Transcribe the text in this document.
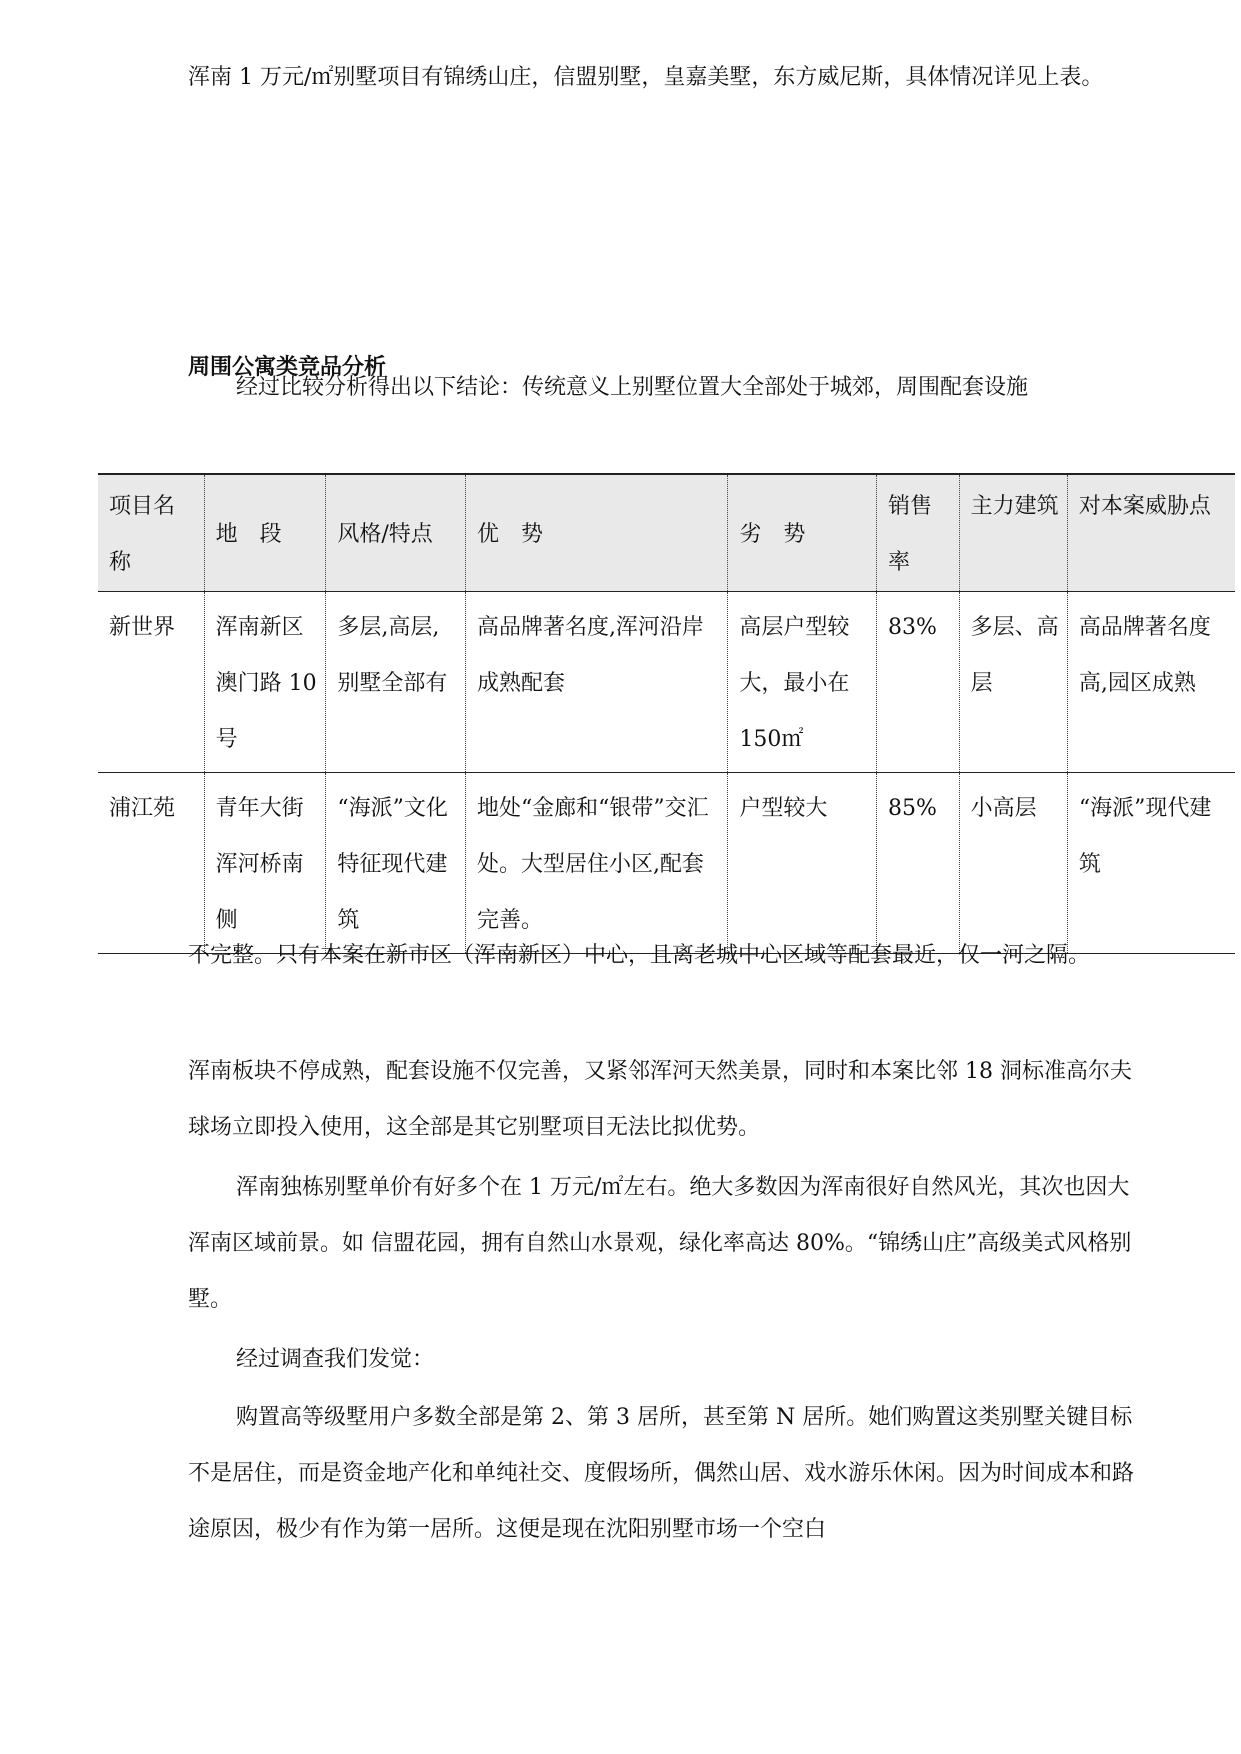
浑南 1 万元/㎡别墅项目有锦绣山庄，信盟别墅，皇嘉美墅，东方威尼斯，具体情况详见上表。

周围公寓类竞品分析

经过比较分析得出以下结论：传统意义上别墅位置大全部处于城郊，周围配套设施

项目名称	地　段	风格/特点	优　势	劣　势	销售率	主力建筑	对本案威胁点
新世界	浑南新区澳门路 10 号	多层,高层,别墅全部有	高品牌著名度,浑河沿岸成熟配套	高层户型较大，最小在 150㎡	83%	多层、高层	高品牌著名度高,园区成熟
浦江苑	青年大街浑河桥南侧	“海派”文化特征现代建筑	地处“金廊和“银带”交汇处。大型居住小区,配套完善。	户型较大	85%	小高层	“海派”现代建筑

不完整。只有本案在新市区（浑南新区）中心，且离老城中心区域等配套最近，仅一河之隔。

浑南板块不停成熟，配套设施不仅完善，又紧邻浑河天然美景，同时和本案比邻 18 洞标准高尔夫球场立即投入使用，这全部是其它别墅项目无法比拟优势。

浑南独栋别墅单价有好多个在 1 万元/㎡左右。绝大多数因为浑南很好自然风光，其次也因大浑南区域前景。如 信盟花园，拥有自然山水景观，绿化率高达 80%。“锦绣山庄”高级美式风格别墅。

经过调查我们发觉：

购置高等级墅用户多数全部是第 2、第 3 居所，甚至第 N 居所。她们购置这类别墅关键目标不是居住，而是资金地产化和单纯社交、度假场所，偶然山居、戏水游乐休闲。因为时间成本和路途原因，极少有作为第一居所。这便是现在沈阳别墅市场一个空白
